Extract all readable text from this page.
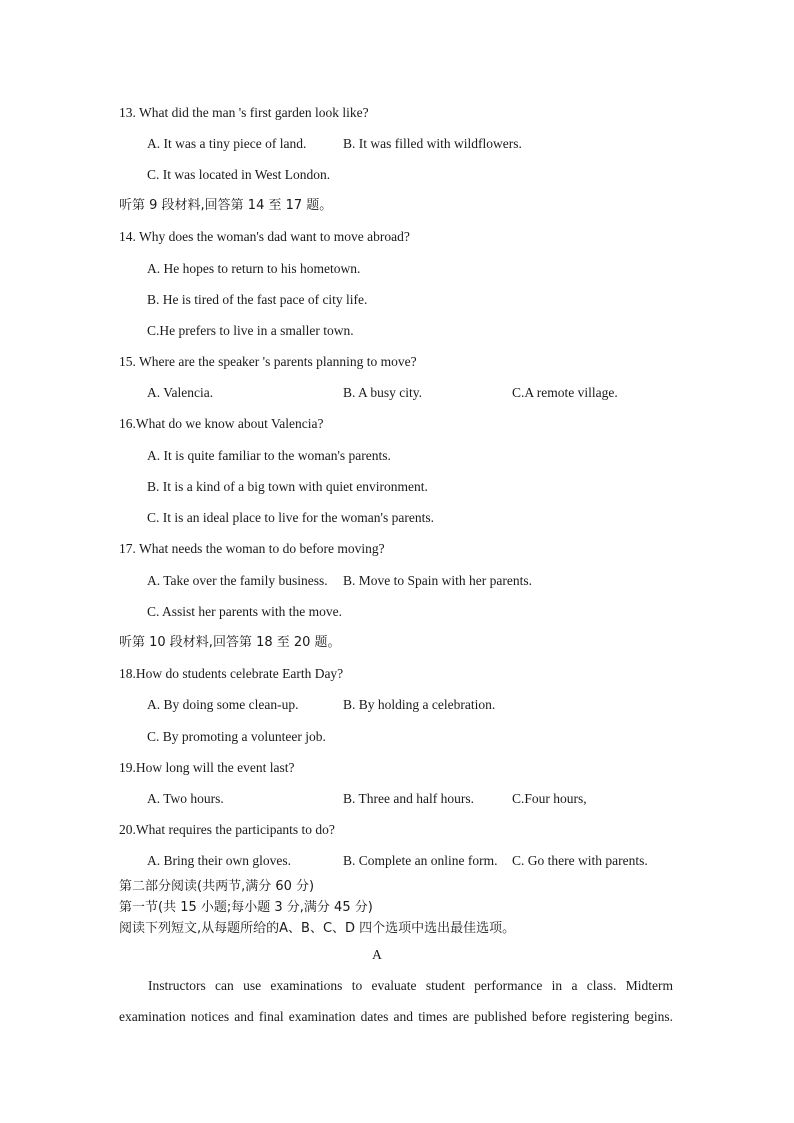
13. What did the man 's first garden look like?
A. It was a tiny piece of land.	B. It was filled with wildflowers.
C. It was located in West London.
听第 9 段材料,回答第 14 至 17 题。
14. Why does the woman's dad want to move abroad?
A. He hopes to return to his hometown.
B. He is tired of the fast pace of city life.
C.He prefers to live in a smaller town.
15. Where are the speaker 's parents planning to move?
A. Valencia.	B. A busy city.	C.A remote village.
16.What do we know about Valencia?
A. It is quite familiar to the woman's parents.
B. It is a kind of a big town with quiet environment.
C. It is an ideal place to live for the woman's parents.
17. What needs the woman to do before moving?
A. Take over the family business. B. Move to Spain with her parents.
C. Assist her parents with the move.
听第 10 段材料,回答第 18 至 20 题。
18.How do students celebrate Earth Day?
A. By doing some clean-up.	B. By holding a celebration.
C. By promoting a volunteer job.
19.How long will the event last?
A. Two hours.	B. Three and half hours.	C.Four hours,
20.What requires the participants to do?
A. Bring their own gloves.	B. Complete an online form. C. Go there with parents.
第二部分阅读(共两节,满分 60 分)
第一节(共 15 小题;每小题 3 分,满分 45 分)
阅读下列短文,从每题所给的A、B、C、D 四个选项中选出最佳选项。
A
Instructors can use examinations to evaluate student performance in a class. Midterm
examination notices and final examination dates and times are published before registering begins.
